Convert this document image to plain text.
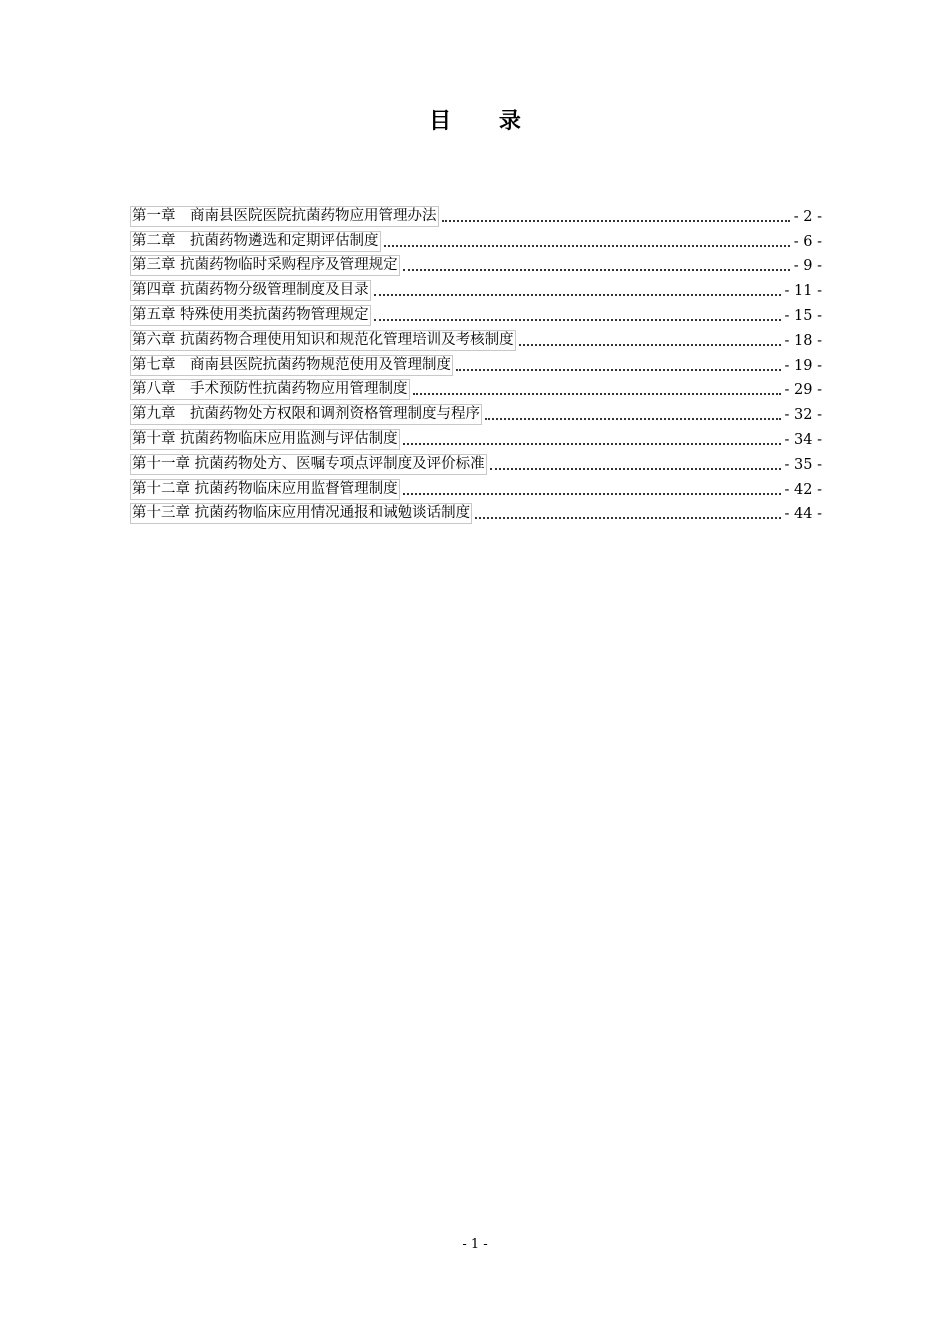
目 录
第一章　商南县医院医院抗菌药物应用管理办法	- 2 -
第二章　抗菌药物遴选和定期评估制度	- 6 -
第三章 抗菌药物临时采购程序及管理规定	- 9 -
第四章 抗菌药物分级管理制度及目录	- 11 -
第五章 特殊使用类抗菌药物管理规定	- 15 -
第六章 抗菌药物合理使用知识和规范化管理培训及考核制度	- 18 -
第七章　商南县医院抗菌药物规范使用及管理制度	- 19 -
第八章　手术预防性抗菌药物应用管理制度	- 29 -
第九章　抗菌药物处方权限和调剂资格管理制度与程序	- 32 -
第十章 抗菌药物临床应用监测与评估制度	- 34 -
第十一章 抗菌药物处方、医嘱专项点评制度及评价标准	- 35 -
第十二章 抗菌药物临床应用监督管理制度	- 42 -
第十三章 抗菌药物临床应用情况通报和诫勉谈话制度	- 44 -
- 1 -
